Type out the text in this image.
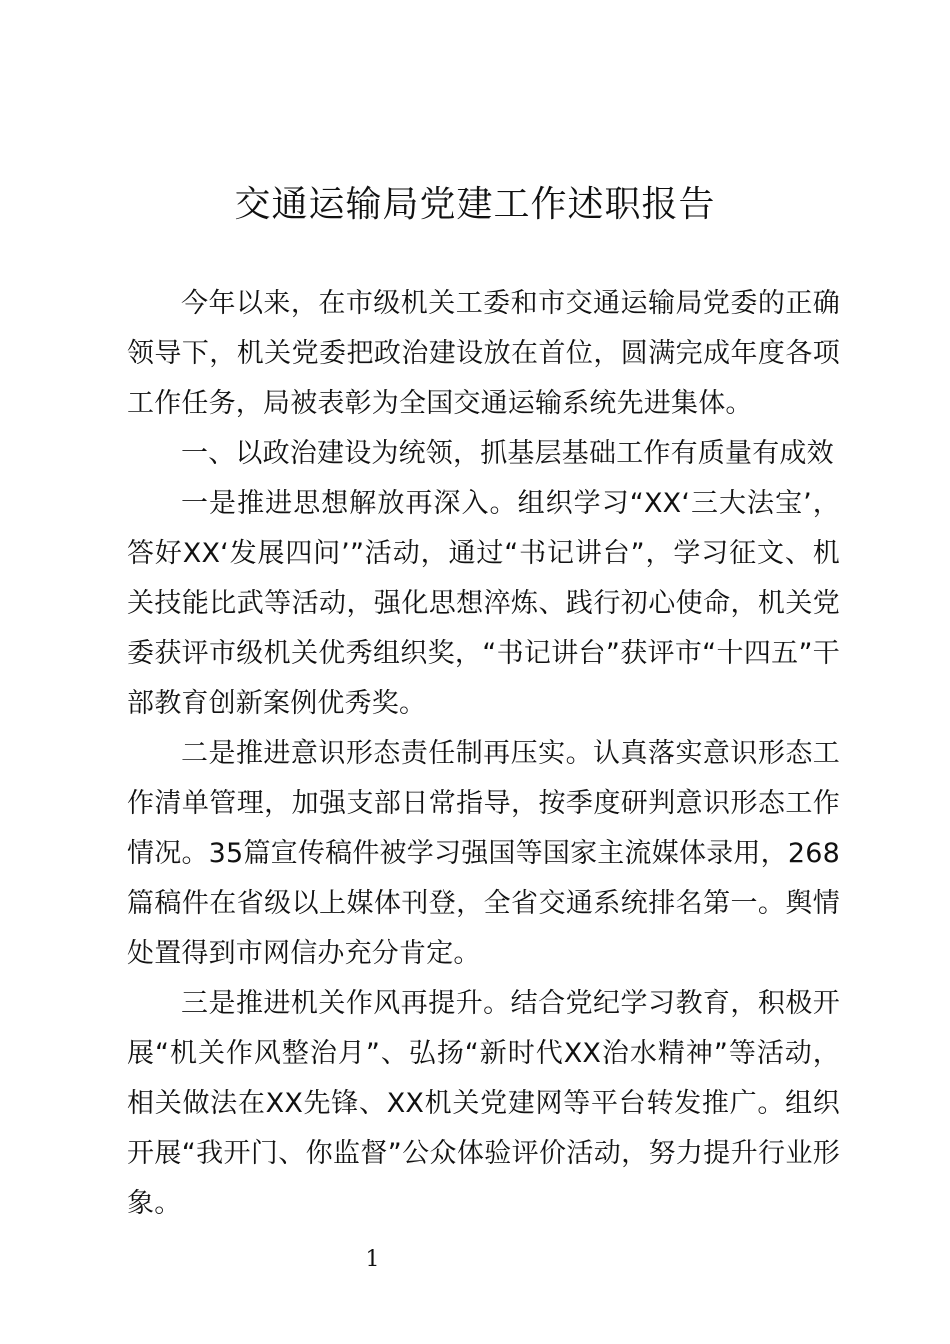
交通运输局党建工作述职报告

今年以来，在市级机关工委和市交通运输局党委的正确领导下，机关党委把政治建设放在首位，圆满完成年度各项工作任务，局被表彰为全国交通运输系统先进集体。

一、以政治建设为统领，抓基层基础工作有质量有成效

一是推进思想解放再深入。组织学习“XX‘三大法宝’，答好XX‘发展四问’”活动，通过“书记讲台”，学习征文、机关技能比武等活动，强化思想淬炼、践行初心使命，机关党委获评市级机关优秀组织奖，“书记讲台”获评市“十四五”干部教育创新案例优秀奖。

二是推进意识形态责任制再压实。认真落实意识形态工作清单管理，加强支部日常指导，按季度研判意识形态工作情况。35篇宣传稿件被学习强国等国家主流媒体录用，268篇稿件在省级以上媒体刊登，全省交通系统排名第一。舆情处置得到市网信办充分肯定。

三是推进机关作风再提升。结合党纪学习教育，积极开展“机关作风整治月”、弘扬“新时代XX治水精神”等活动，相关做法在XX先锋、XX机关党建网等平台转发推广。组织开展“我开门、你监督”公众体验评价活动，努力提升行业形象。

1
